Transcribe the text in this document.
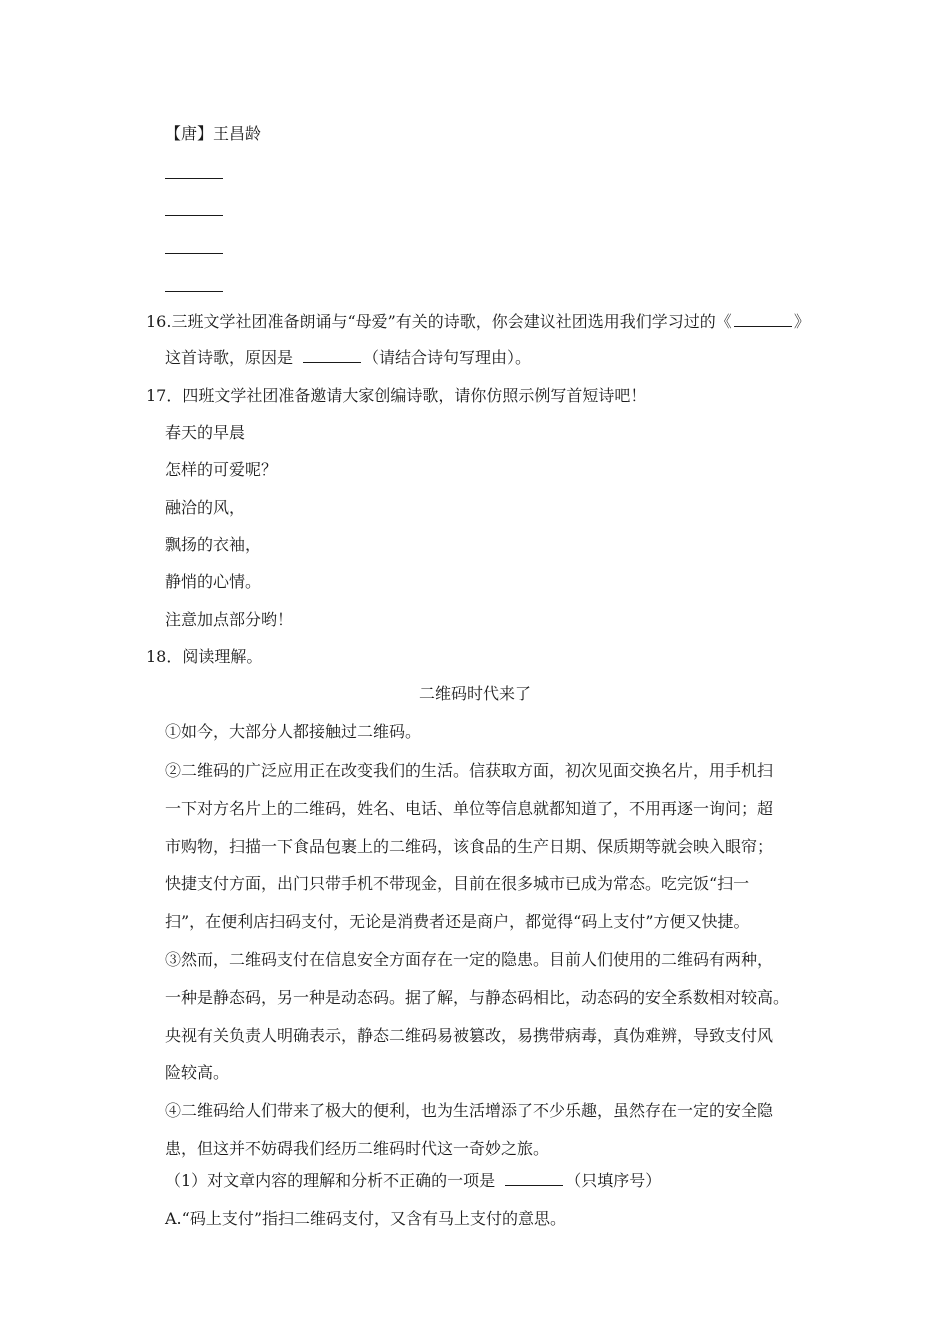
【唐】王昌龄
16.三班文学社团准备朗诵与“母爱”有关的诗歌，你会建议社团选用我们学习过的《	》
这首诗歌，原因是	（请结合诗句写理由）。
17．四班文学社团准备邀请大家创编诗歌，请你仿照示例写首短诗吧！
春天的早晨
怎样的可爱呢？
融洽的风，
飘扬的衣袖，
静悄的心情。
注意加点部分哟！
18．阅读理解。
二维码时代来了
①如今，大部分人都接触过二维码。
②二维码的广泛应用正在改变我们的生活。信获取方面，初次见面交换名片，用手机扫
一下对方名片上的二维码，姓名、电话、单位等信息就都知道了，不用再逐一询问；超
市购物，扫描一下食品包裹上的二维码，该食品的生产日期、保质期等就会映入眼帘；
快捷支付方面，出门只带手机不带现金，目前在很多城市已成为常态。吃完饭“扫一
扫”，在便利店扫码支付，无论是消费者还是商户，都觉得“码上支付”方便又快捷。
③然而，二维码支付在信息安全方面存在一定的隐患。目前人们使用的二维码有两种，
一种是静态码，另一种是动态码。据了解，与静态码相比，动态码的安全系数相对较高。
央视有关负责人明确表示，静态二维码易被篡改，易携带病毒，真伪难辨，导致支付风
险较高。
④二维码给人们带来了极大的便利，也为生活增添了不少乐趣，虽然存在一定的安全隐
患，但这并不妨碍我们经历二维码时代这一奇妙之旅。
（1）对文章内容的理解和分析不正确的一项是	（只填序号）
A.“码上支付”指扫二维码支付，又含有马上支付的意思。
